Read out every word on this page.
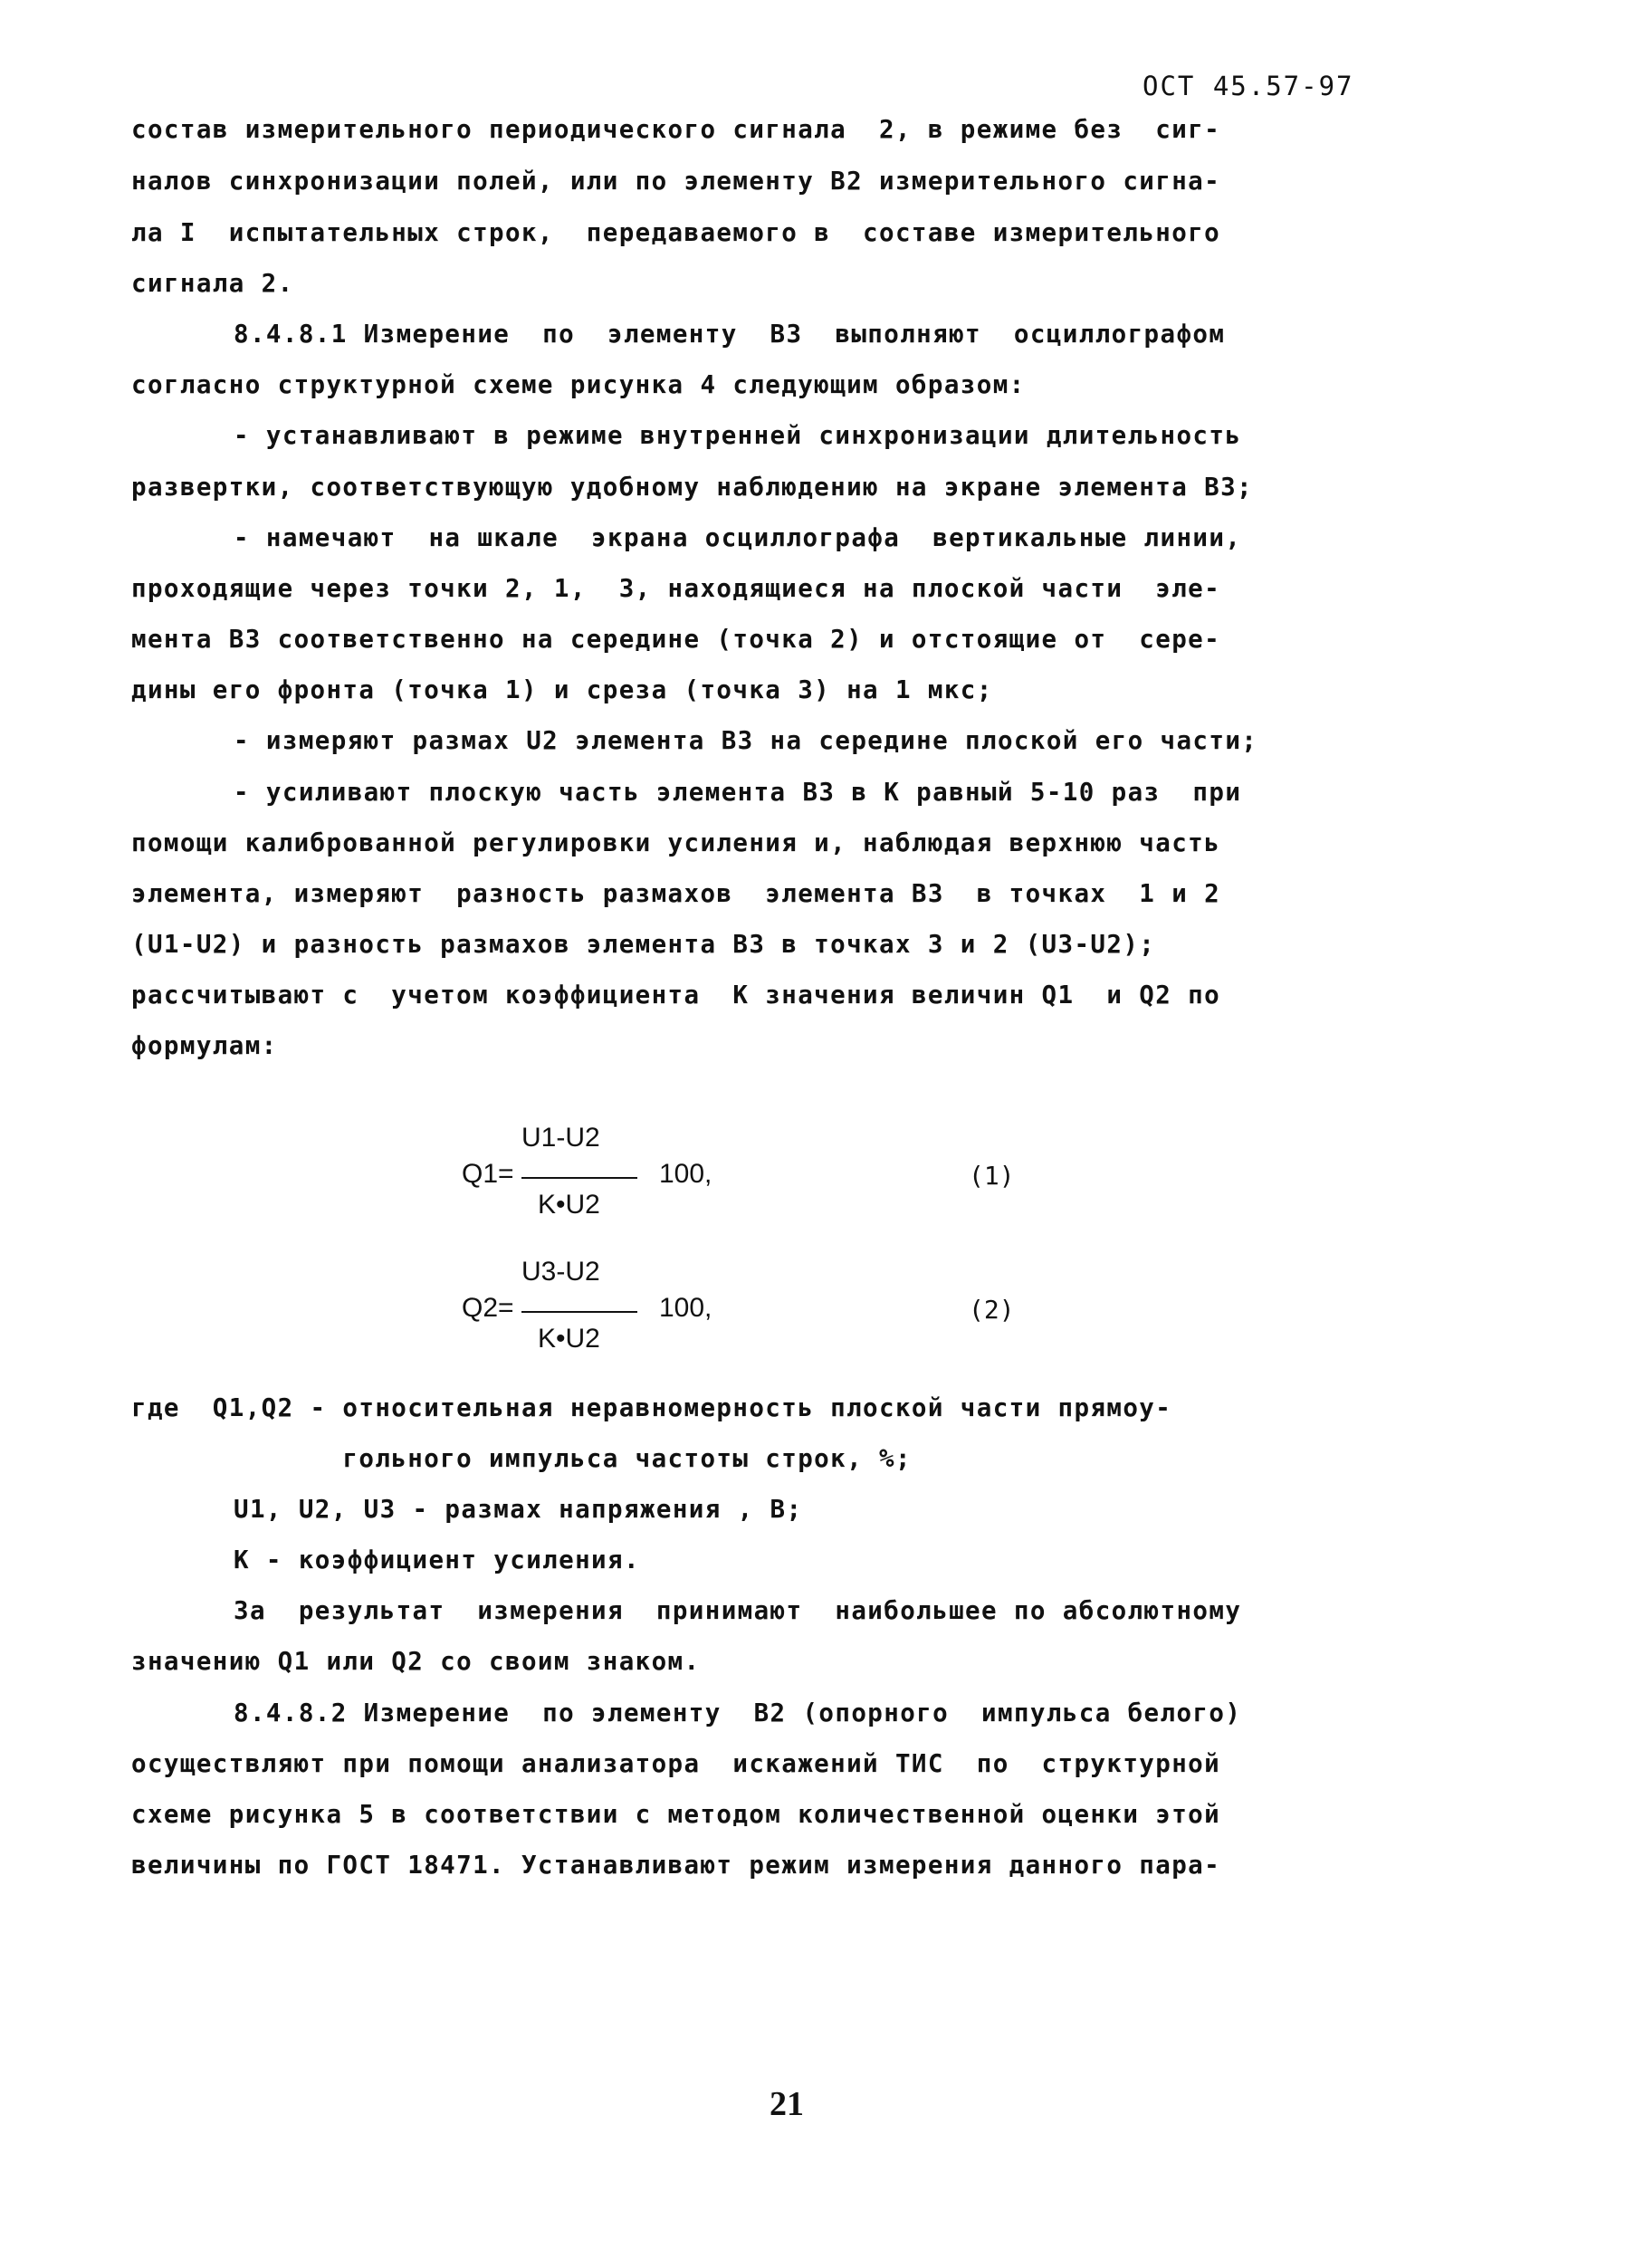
ОСТ 45.57-97
состав измерительного периодического сигнала  2, в режиме без  сиг-
налов синхронизации полей, или по элементу В2 измерительного сигна-
ла I  испытательных строк,  передаваемого в  составе измерительного
сигнала 2.
8.4.8.1 Измерение  по  элементу  В3  выполняют  осциллографом
согласно структурной схеме рисунка 4 следующим образом:
- устанавливают в режиме внутренней синхронизации длительность
развертки, соответствующую удобному наблюдению на экране элемента В3;
- намечают  на шкале  экрана осциллографа  вертикальные линии,
проходящие через точки 2, 1,  3, находящиеся на плоской части  эле-
мента В3 соответственно на середине (точка 2) и отстоящие от  сере-
дины его фронта (точка 1) и среза (точка 3) на 1 мкс;
- измеряют размах U2 элемента В3 на середине плоской его части;
- усиливают плоскую часть элемента В3 в К равный 5-10 раз  при
помощи калиброванной регулировки усиления и, наблюдая верхнюю часть
элемента, измеряют  разность размахов  элемента В3  в точках  1 и 2
(U1-U2) и разность размахов элемента В3 в точках 3 и 2 (U3-U2);
рассчитывают с  учетом коэффициента  К значения величин Q1  и Q2 по
формулам:
U1-U2
Q1=	100,
K•U2
(1)
U3-U2
Q2=	100,
K•U2
(2)
где  Q1,Q2 - относительная неравномерность плоской части прямоу-
гольного импульса частоты строк, %;
U1, U2, U3 - размах напряжения , В;
К - коэффициент усиления.
За  результат  измерения  принимают  наибольшее по абсолютному
значению Q1 или Q2 со своим знаком.
8.4.8.2 Измерение  по элементу  В2 (опорного  импульса белого)
осуществляют при помощи анализатора  искажений ТИС  по  структурной
схеме рисунка 5 в соответствии с методом количественной оценки этой
величины по ГОСТ 18471. Устанавливают режим измерения данного пара-
21
